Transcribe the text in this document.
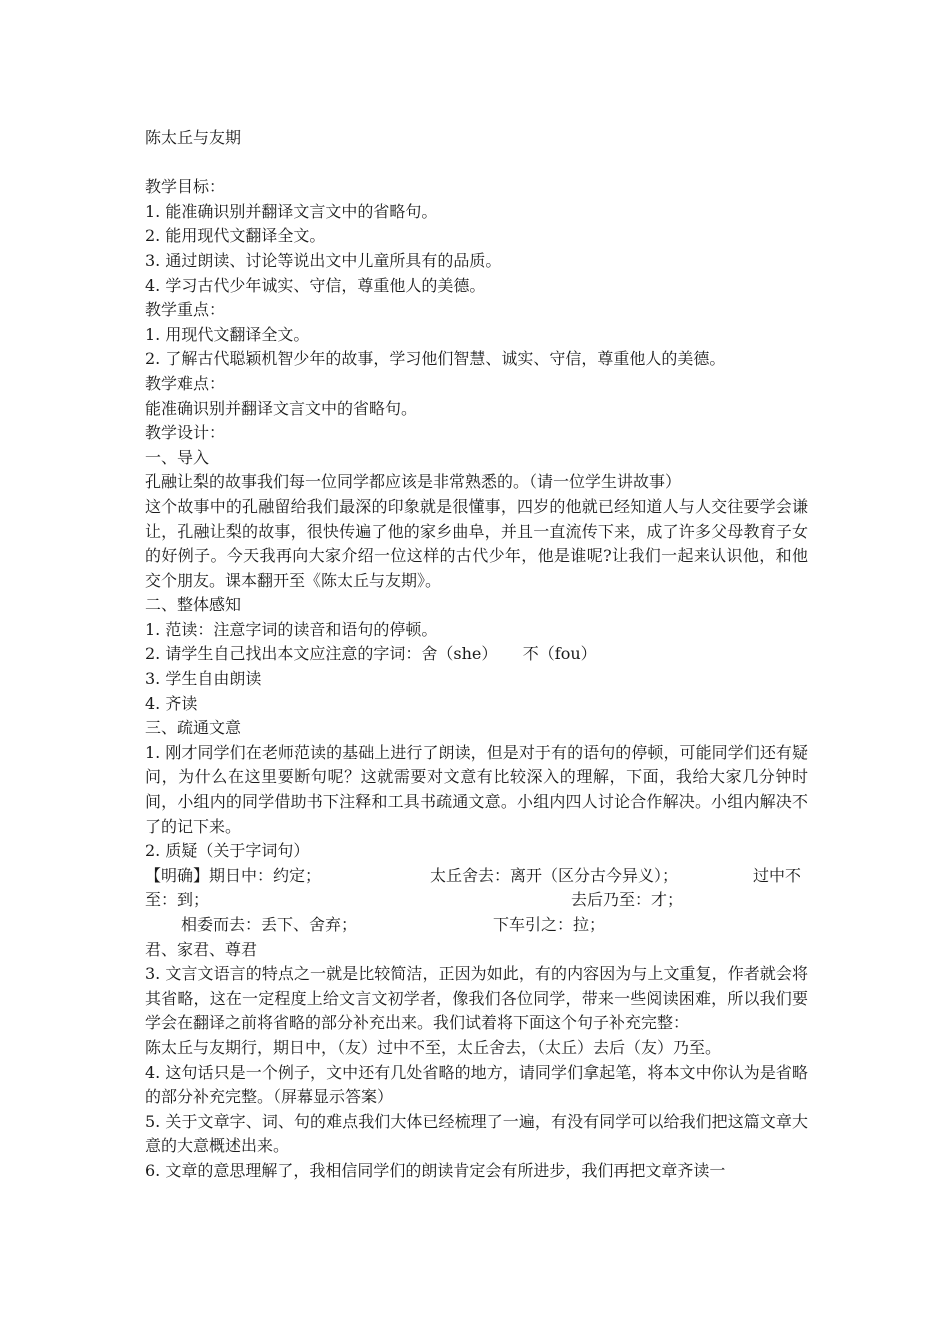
陈太丘与友期
教学目标：
1. 能准确识别并翻译文言文中的省略句。
2. 能用现代文翻译全文。
3. 通过朗读、讨论等说出文中儿童所具有的品质。
4. 学习古代少年诚实、守信，尊重他人的美德。
教学重点：
1. 用现代文翻译全文。
2. 了解古代聪颖机智少年的故事，学习他们智慧、诚实、守信，尊重他人的美德。
教学难点：
能准确识别并翻译文言文中的省略句。
教学设计：
一、导入
孔融让梨的故事我们每一位同学都应该是非常熟悉的。（请一位学生讲故事）
这个故事中的孔融留给我们最深的印象就是很懂事，四岁的他就已经知道人与人交往要学会谦让，孔融让梨的故事，很快传遍了他的家乡曲阜，并且一直流传下来，成了许多父母教育子女的好例子。今天我再向大家介绍一位这样的古代少年，他是谁呢?让我们一起来认识他，和他交个朋友。课本翻开至《陈太丘与友期》。
二、整体感知
1. 范读：注意字词的读音和语句的停顿。
2. 请学生自己找出本文应注意的字词：舍（she）     不（fou）
3. 学生自由朗读
4. 齐读
三、疏通文意
1. 刚才同学们在老师范读的基础上进行了朗读，但是对于有的语句的停顿，可能同学们还有疑问，为什么在这里要断句呢？这就需要对文意有比较深入的理解，下面，我给大家几分钟时间，小组内的同学借助书下注释和工具书疏通文意。小组内四人讨论合作解决。小组内解决不了的记下来。
2. 质疑（关于字词句）
【明确】期日中：约定；	太丘舍去：离开（区分古今异义）；	过中不
至：到；	去后乃至：才；
相委而去：丢下、舍弃；	下车引之：拉；
君、家君、尊君
3. 文言文语言的特点之一就是比较简洁，正因为如此，有的内容因为与上文重复，作者就会将其省略，这在一定程度上给文言文初学者，像我们各位同学，带来一些阅读困难，所以我们要学会在翻译之前将省略的部分补充出来。我们试着将下面这个句子补充完整：
陈太丘与友期行，期日中，（友）过中不至，太丘舍去，（太丘）去后（友）乃至。
4. 这句话只是一个例子，文中还有几处省略的地方，请同学们拿起笔，将本文中你认为是省略的部分补充完整。（屏幕显示答案）
5. 关于文章字、词、句的难点我们大体已经梳理了一遍，有没有同学可以给我们把这篇文章大意的大意概述出来。
6. 文章的意思理解了，我相信同学们的朗读肯定会有所进步，我们再把文章齐读一
